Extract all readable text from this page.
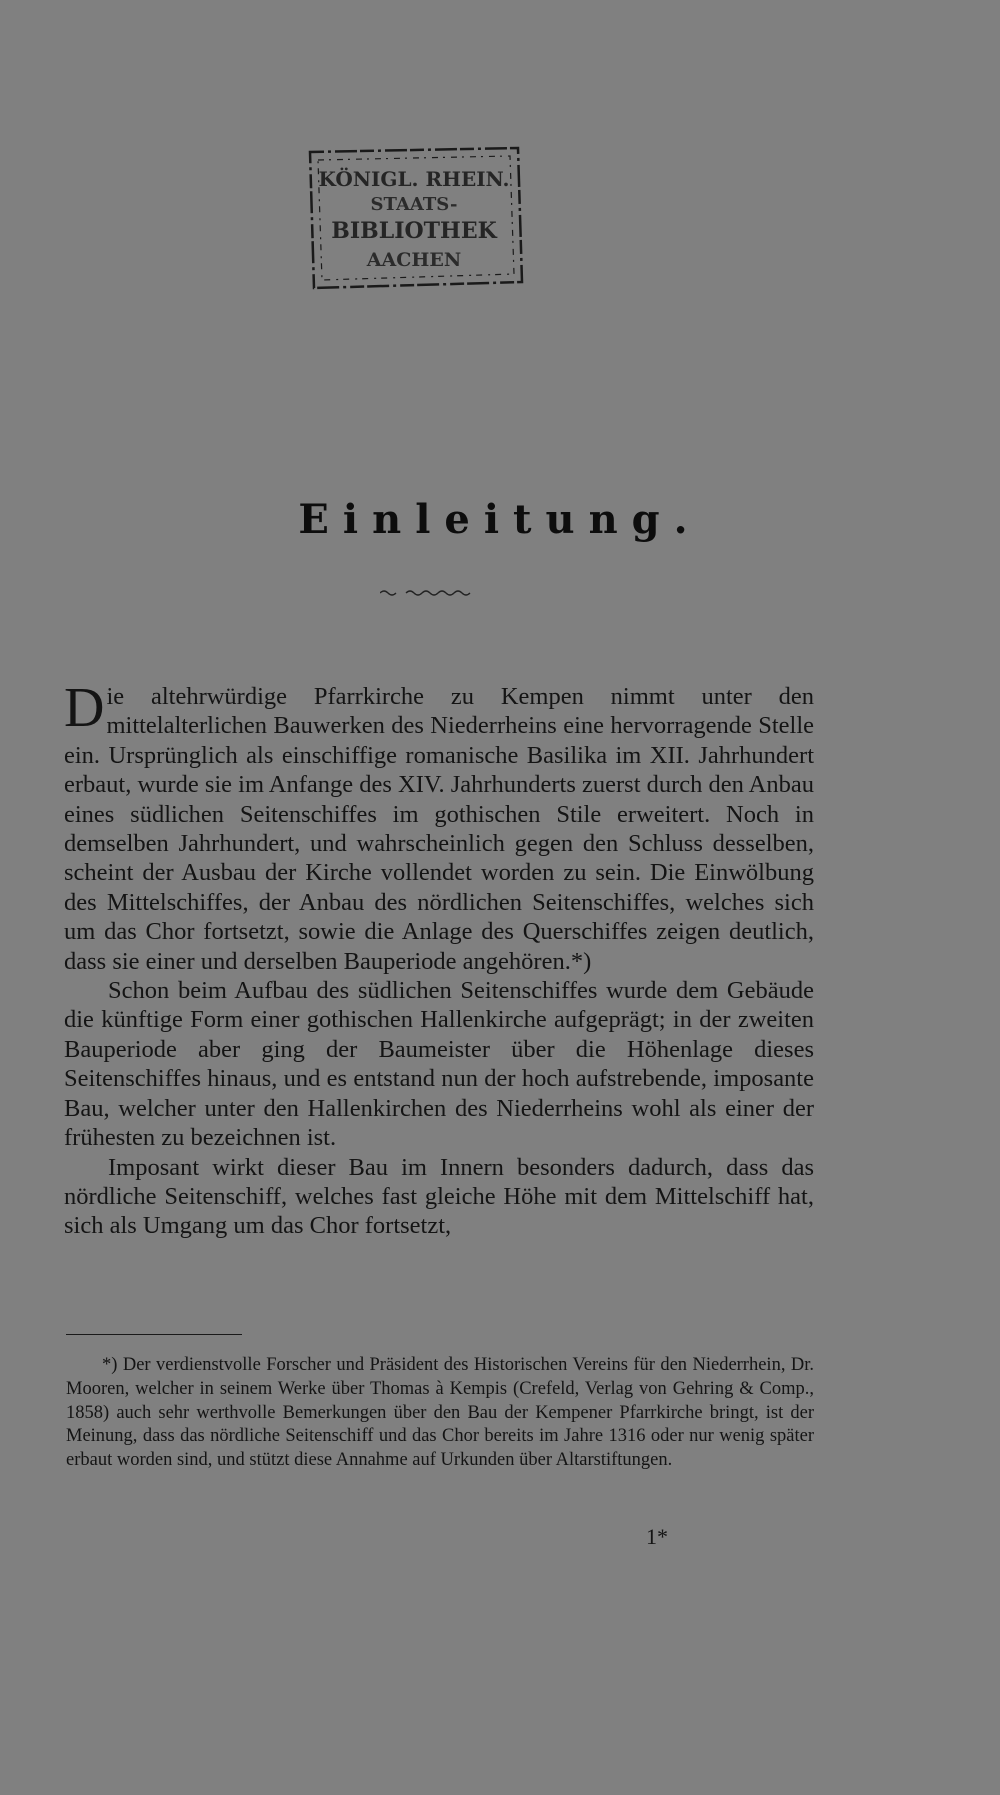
KÖNIGL. RHEIN.
STAATS-
BIBLIOTHEK
AACHEN
Einleitung.

Die altehrwürdige Pfarrkirche zu Kempen nimmt unter den mittelalterlichen Bauwerken des Niederrheins eine hervorragende Stelle ein. Ursprünglich als einschiffige romanische Basilika im XII. Jahrhundert erbaut, wurde sie im Anfange des XIV. Jahrhunderts zuerst durch den Anbau eines südlichen Seitenschiffes im gothischen Stile erweitert. Noch in demselben Jahrhundert, und wahrscheinlich gegen den Schluss desselben, scheint der Ausbau der Kirche vollendet worden zu sein. Die Einwölbung des Mittelschiffes, der Anbau des nördlichen Seitenschiffes, welches sich um das Chor fortsetzt, sowie die Anlage des Querschiffes zeigen deutlich, dass sie einer und derselben Bauperiode angehören.*)

Schon beim Aufbau des südlichen Seitenschiffes wurde dem Gebäude die künftige Form einer gothischen Hallenkirche aufgeprägt; in der zweiten Bauperiode aber ging der Baumeister über die Höhenlage dieses Seitenschiffes hinaus, und es entstand nun der hoch aufstrebende, imposante Bau, welcher unter den Hallenkirchen des Niederrheins wohl als einer der frühesten zu bezeichnen ist.

Imposant wirkt dieser Bau im Innern besonders dadurch, dass das nördliche Seitenschiff, welches fast gleiche Höhe mit dem Mittelschiff hat, sich als Umgang um das Chor fortsetzt,

*) Der verdienstvolle Forscher und Präsident des Historischen Vereins für den Niederrhein, Dr. Mooren, welcher in seinem Werke über Thomas à Kempis (Crefeld, Verlag von Gehring & Comp., 1858) auch sehr werthvolle Bemerkungen über den Bau der Kempener Pfarrkirche bringt, ist der Meinung, dass das nördliche Seitenschiff und das Chor bereits im Jahre 1316 oder nur wenig später erbaut worden sind, und stützt diese Annahme auf Urkunden über Altarstiftungen.

1*
